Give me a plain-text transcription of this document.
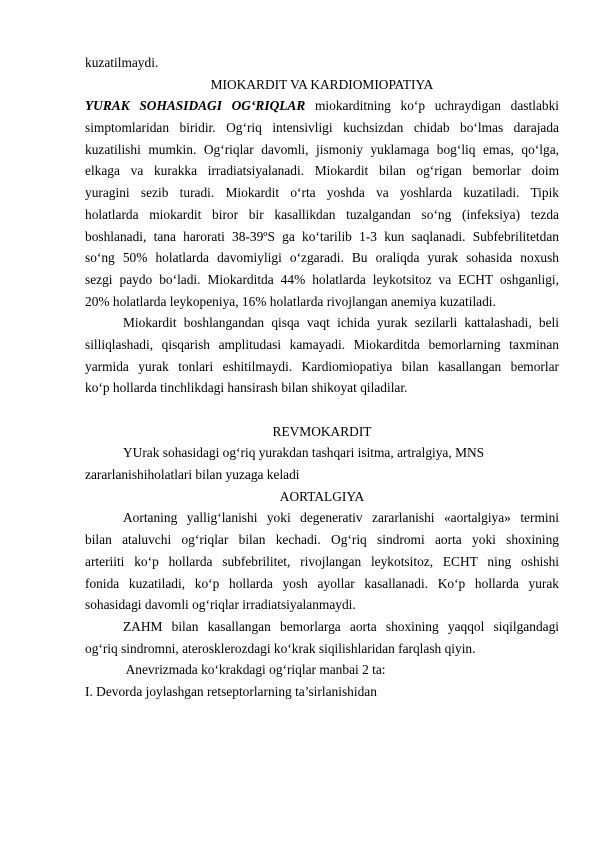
kuzatilmaydi.
MIOKARDIT VA KARDIOMIOPATIYA
YURAK SOHASIDAGI OG‘RIQLAR miokarditning ko‘p uchraydigan dastlabki
simptomlaridan biridir. Og‘riq intensivligi kuchsizdan chidab bo‘lmas darajada
kuzatilishi mumkin. Og‘riqlar davomli, jismoniy yuklamaga bog‘liq emas, qo‘lga,
elkaga va kurakka irradiatsiyalanadi. Miokardit bilan og‘rigan bemorlar doim
yuragini sezib turadi. Miokardit o‘rta yoshda va yoshlarda kuzatiladi. Tipik
holatlarda miokardit biror bir kasallikdan tuzalgandan so‘ng (infeksiya) tezda
boshlanadi, tana harorati 38-39ºS ga ko‘tarilib 1-3 kun saqlanadi. Subfebrilitetdan
so‘ng 50% holatlarda davomiyligi o‘zgaradi. Bu oraliqda yurak sohasida noxush
sezgi paydo bo‘ladi. Miokarditda 44% holatlarda leykotsitoz va ECHT oshganligi,
20% holatlarda leykopeniya, 16% holatlarda rivojlangan anemiya kuzatiladi.
Miokardit boshlangandan qisqa vaqt ichida yurak sezilarli kattalashadi, beli
silliqlashadi, qisqarish amplitudasi kamayadi. Miokarditda bemorlarning taxminan
yarmida yurak tonlari eshitilmaydi. Kardiomiopatiya bilan kasallangan bemorlar
ko‘p hollarda tinchlikdagi hansirash bilan shikoyat qiladilar.
REVMOKARDIT
YUrak sohasidagi og‘riq yurakdan tashqari isitma, artralgiya, MNS
zararlanishiholatlari bilan yuzaga keladi
AORTALGIYA
Aortaning yallig‘lanishi yoki degenerativ zararlanishi «aortalgiya» termini
bilan ataluvchi og‘riqlar bilan kechadi. Og‘riq sindromi aorta yoki shoxining
arteriiti ko‘p hollarda subfebrilitet, rivojlangan leykotsitoz, ECHT ning oshishi
fonida kuzatiladi, ko‘p hollarda yosh ayollar kasallanadi. Ko‘p hollarda yurak
sohasidagi davomli og‘riqlar irradiatsiyalanmaydi.
ZAHM bilan kasallangan bemorlarga aorta shoxining yaqqol siqilgandagi
og‘riq sindromni, aterosklerozdagi ko‘krak siqilishlaridan farqlash qiyin.
Anevrizmada ko‘krakdagi og‘riqlar manbai 2 ta:
I. Devorda joylashgan retseptorlarning ta’sirlanishidan
